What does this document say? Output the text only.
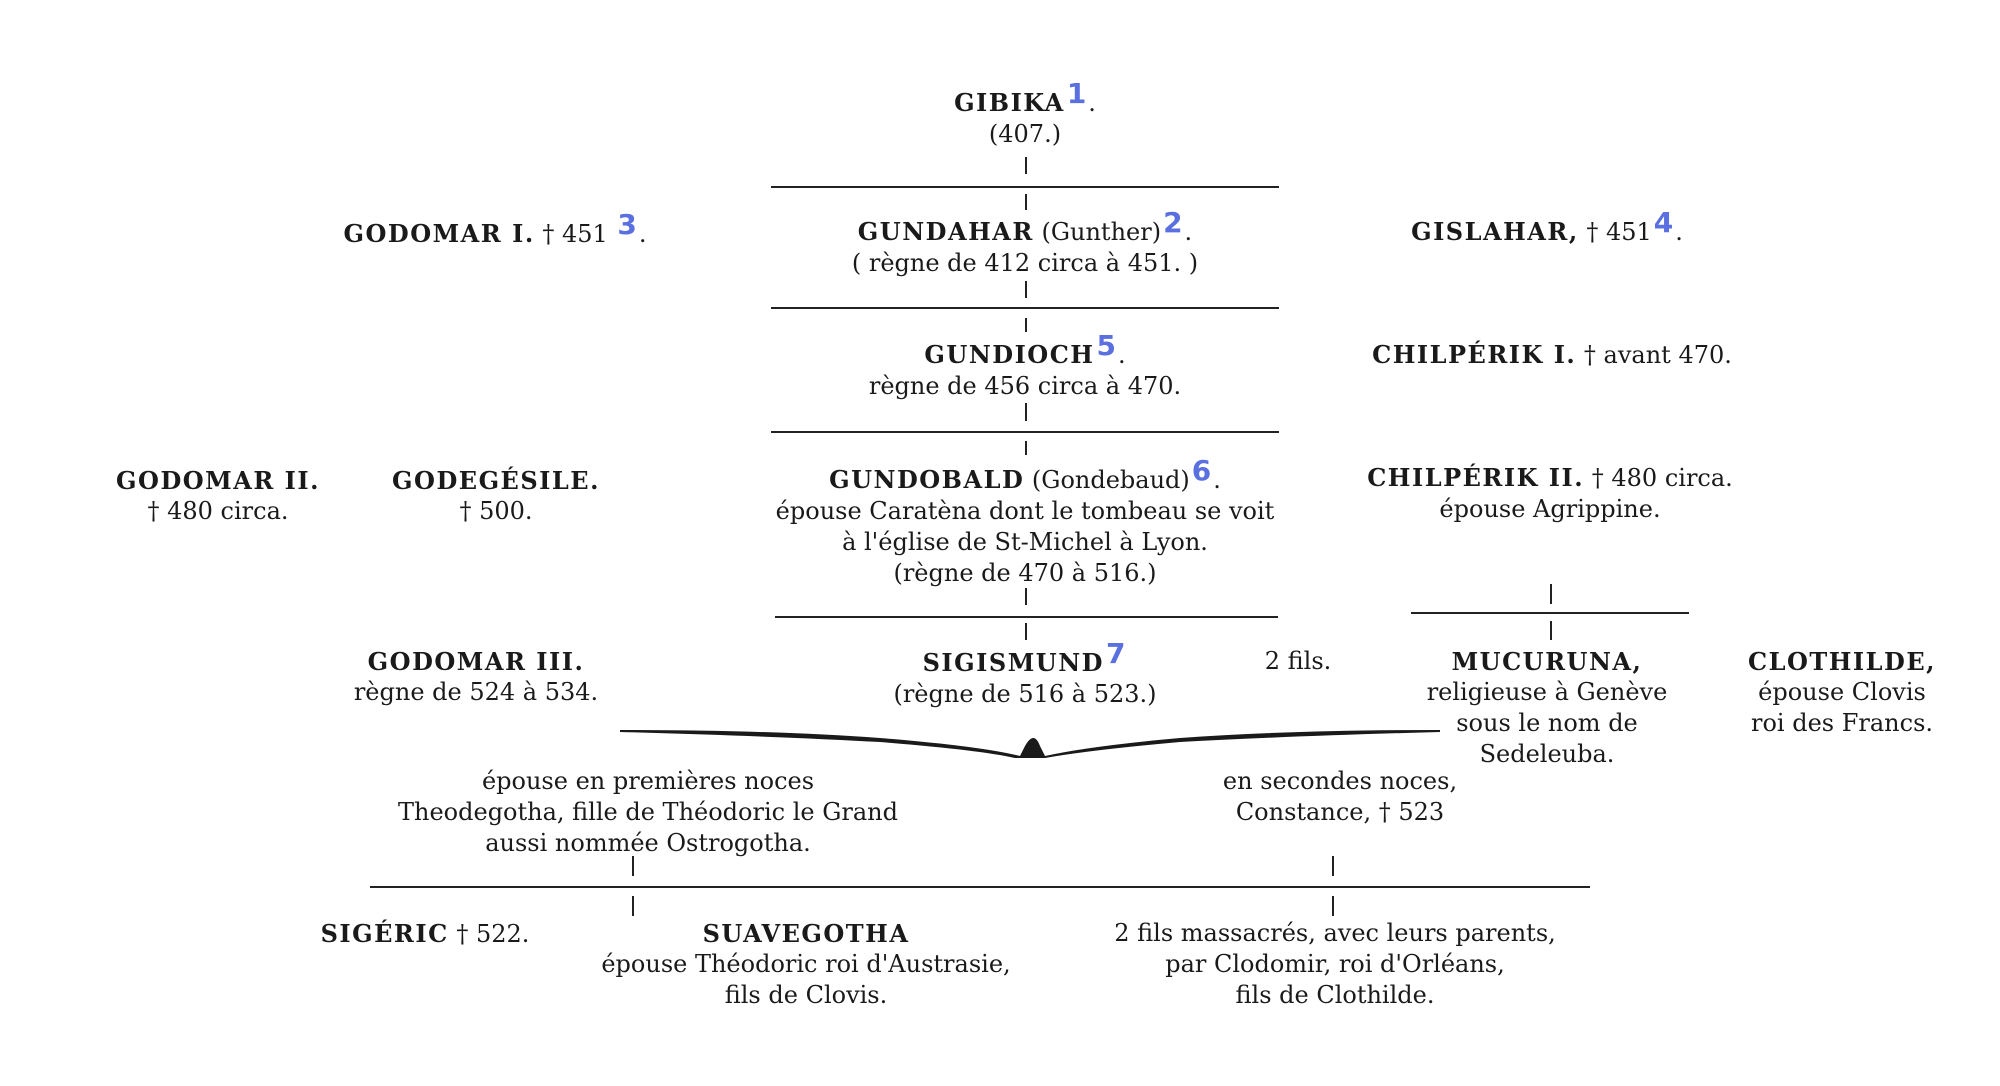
GIBIKA1.
(407.)
GODOMAR I. † 451 3.	GUNDAHAR (Gunther)2.
( règne de 412 circa à 451. )
GISLAHAR, † 4514.
GUNDIOCH5.
règne de 456 circa à 470.
CHILPÉRIK I. † avant 470.
GODOMAR II.
† 480 circa.
GODEGÉSILE.
† 500.
GUNDOBALD (Gondebaud)6.
épouse Caratèna dont le tombeau se voit
à l'église de St-Michel à Lyon.
(règne de 470 à 516.)
CHILPÉRIK II. † 480 circa.
épouse Agrippine.
GODOMAR III.
règne de 524 à 534.
SIGISMUND7
(règne de 516 à 523.)
2 fils.	MUCURUNA,
religieuse à Genève
sous le nom de
Sedeleuba.
CLOTHILDE,
épouse Clovis
roi des Francs.
épouse en premières noces
Theodegotha, fille de Théodoric le Grand
aussi nommée Ostrogotha.
en secondes noces,
Constance, † 523
SIGÉRIC † 522.	SUAVEGOTHA
épouse Théodoric roi d'Austrasie,
fils de Clovis.
2 fils massacrés, avec leurs parents,
par Clodomir, roi d'Orléans,
fils de Clothilde.
